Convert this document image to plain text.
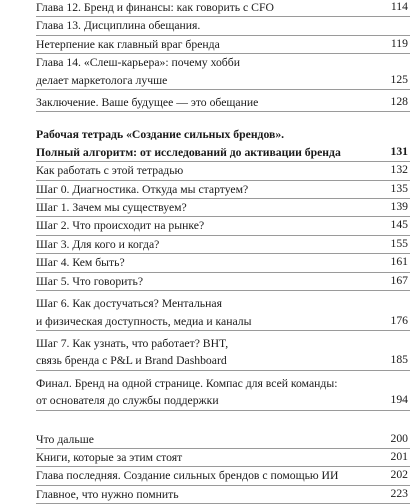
Глава 12. Бренд и финансы: как говорить с CFO	114
Глава 13. Дисциплина обещания.
Нетерпение как главный враг бренда	119
Глава 14. «Слеш-карьера»: почему хобби
делает маркетолога лучше	125
Заключение. Ваше будущее — это обещание	128
Рабочая тетрадь «Создание сильных брендов».
Полный алгоритм: от исследований до активации бренда	131
Как работать с этой тетрадью	132
Шаг 0. Диагностика. Откуда мы стартуем?	135
Шаг 1. Зачем мы существуем?	139
Шаг 2. Что происходит на рынке?	145
Шаг 3. Для кого и когда?	155
Шаг 4. Кем быть?	161
Шаг 5. Что говорить?	167
Шаг 6. Как достучаться? Ментальная
и физическая доступность, медиа и каналы	176
Шаг 7. Как узнать, что работает? BHT,
связь бренда с P&L и Brand Dashboard	185
Финал. Бренд на одной странице. Компас для всей команды:
от основателя до службы поддержки	194
Что дальше	200
Книги, которые за этим стоят	201
Глава последняя. Создание сильных брендов с помощью ИИ	202
Главное, что нужно помнить	223
